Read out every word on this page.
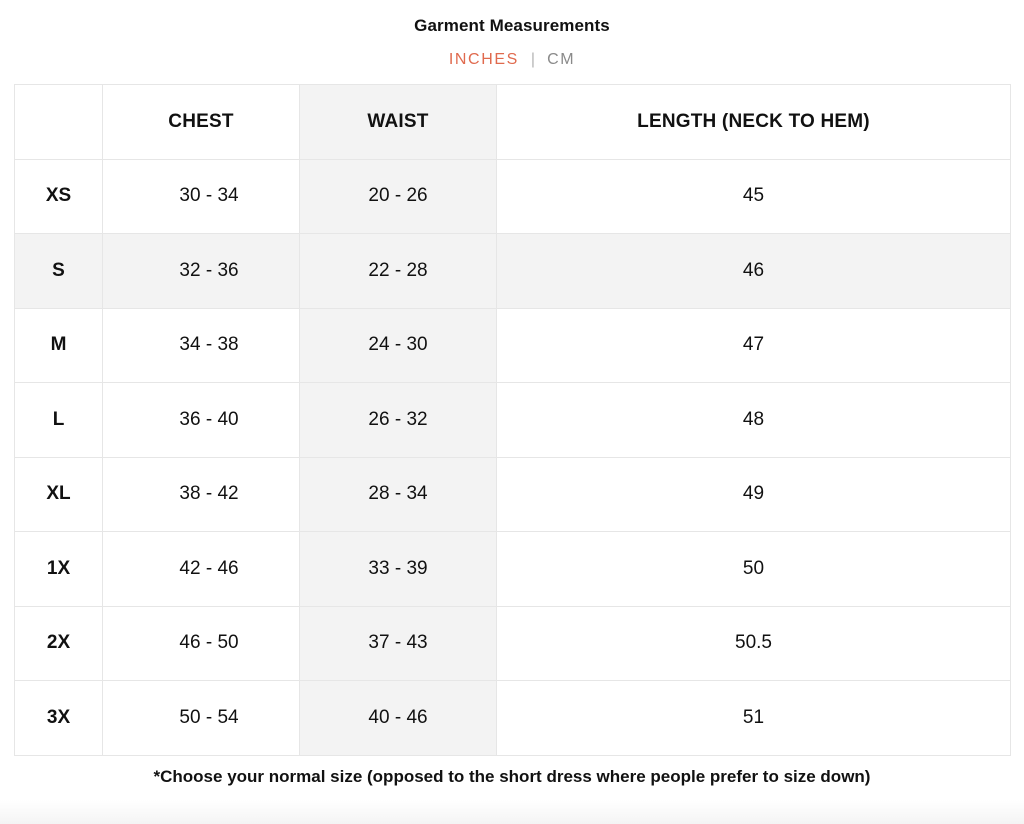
Garment Measurements
INCHES | CM
	CHEST	WAIST	LENGTH (NECK TO HEM)
XS	30 - 34	20 - 26	45
S	32 - 36	22 - 28	46
M	34 - 38	24 - 30	47
L	36 - 40	26 - 32	48
XL	38 - 42	28 - 34	49
1X	42 - 46	33 - 39	50
2X	46 - 50	37 - 43	50.5
3X	50 - 54	40 - 46	51
*Choose your normal size (opposed to the short dress where people prefer to size down)
